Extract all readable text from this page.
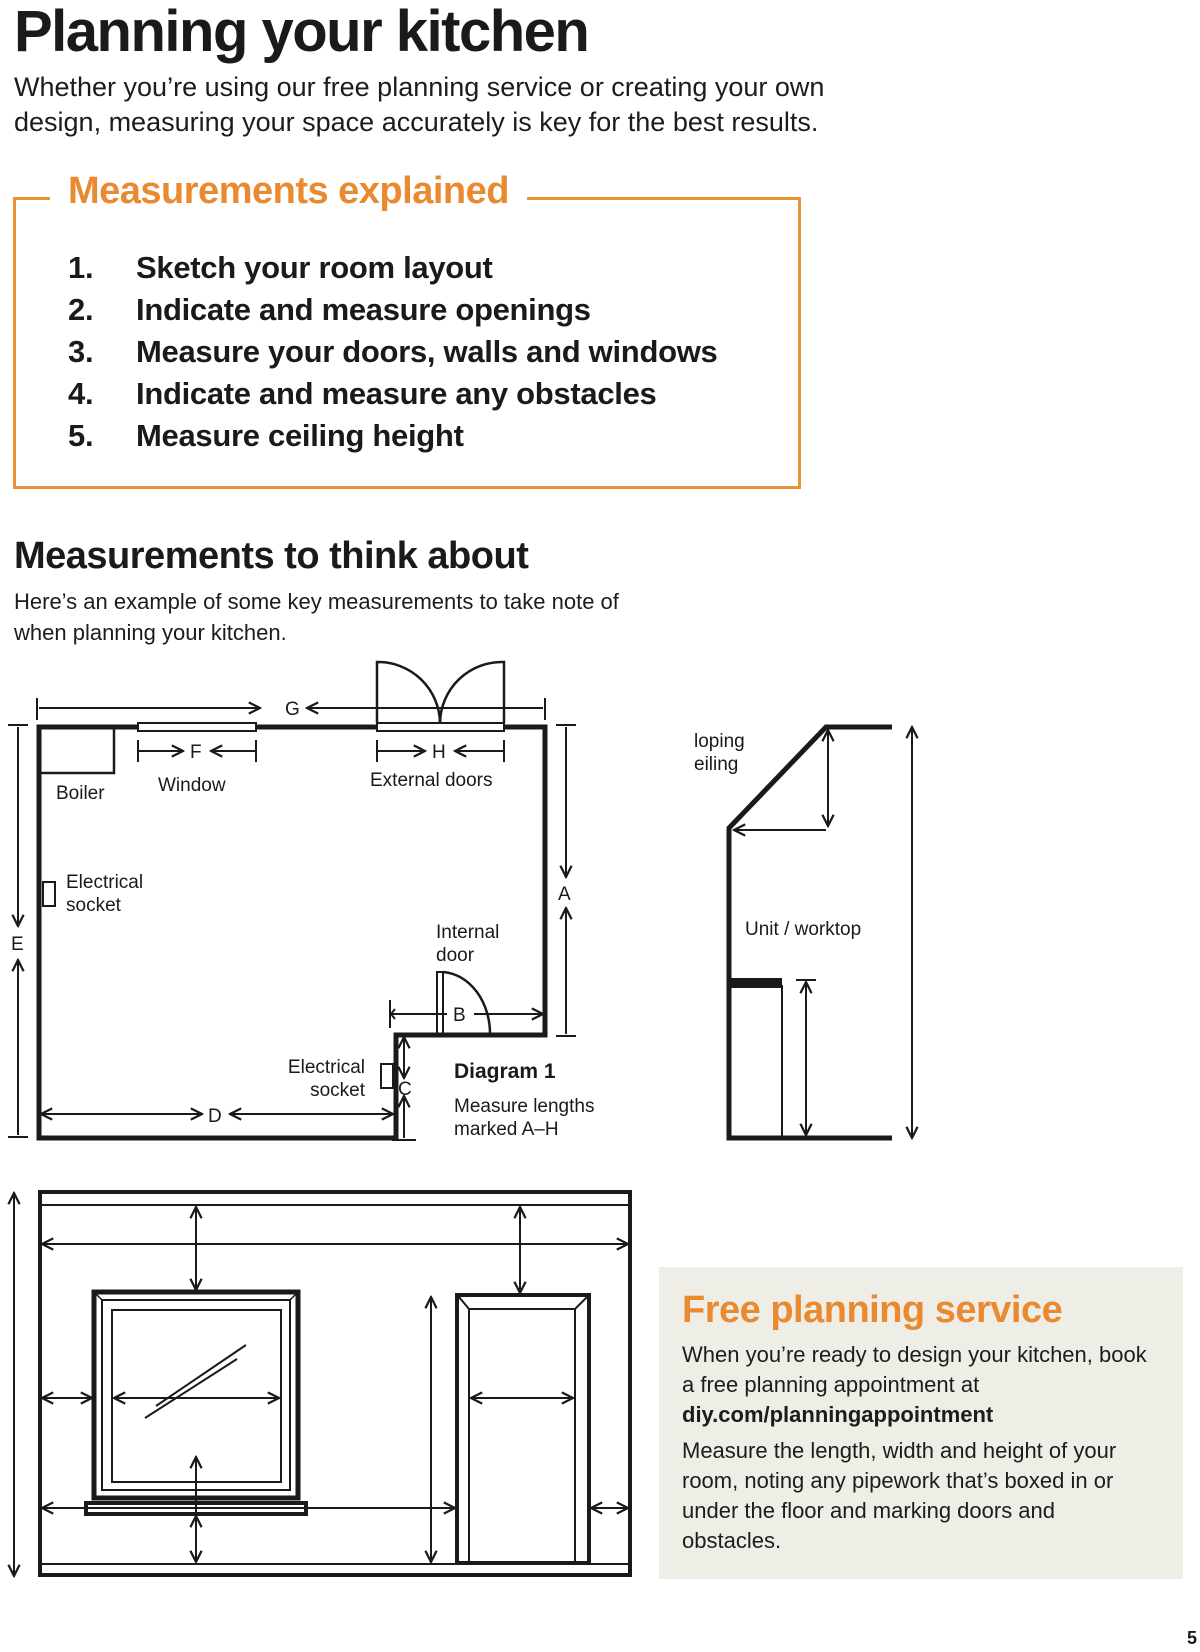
Planning your kitchen

Whether you’re using our free planning service or creating your own design, measuring your space accurately is key for the best results.

Measurements explained
1.	Sketch your room layout
2.	Indicate and measure openings
3.	Measure your doors, walls and windows
4.	Indicate and measure any obstacles
5.	Measure ceiling height
Measurements to think about

Here’s an example of some key measurements to take note of when planning your kitchen.

G
F	H
Boiler	Window	External doors
Electrical
socket
E
A
Internal
door
B
Electrical
socket C
D
Diagram 1
Measure lengths
marked A–H
loping
eiling
Unit / worktop
Free planning service

When you’re ready to design your kitchen, book a free planning appointment at
diy.com/planningappointment

Measure the length, width and height of your room, noting any pipework that’s boxed in or under the floor and marking doors and obstacles.

5
